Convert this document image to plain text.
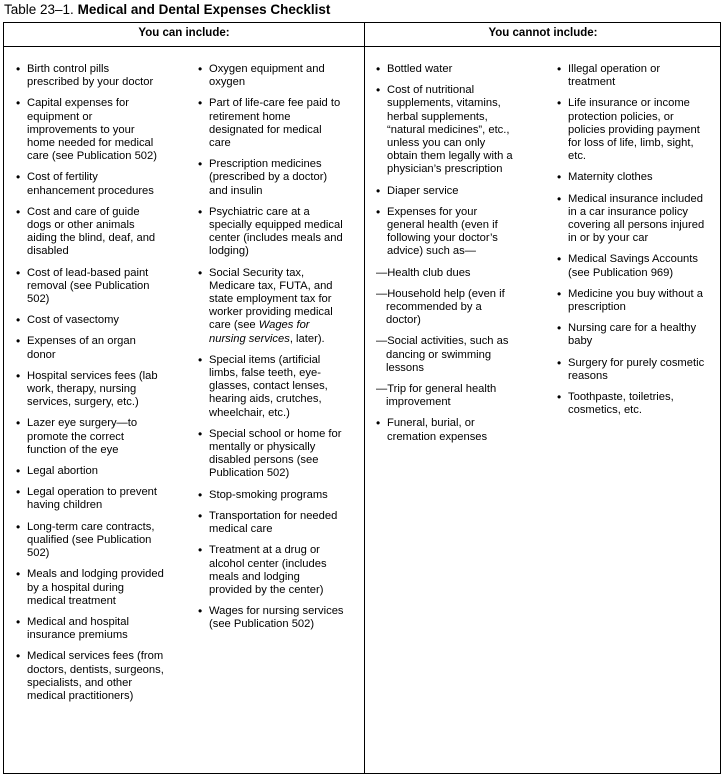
Table 23–1. Medical and Dental Expenses Checklist
You can include:	You cannot include:
• Birth control pills prescribed by your doctor
• Capital expenses for equipment or improvements to your home needed for medical care (see Publication 502)
• Cost of fertility enhancement procedures
• Cost and care of guide dogs or other animals aiding the blind, deaf, and disabled
• Cost of lead-based paint removal (see Publication 502)
• Cost of vasectomy
• Expenses of an organ donor
• Hospital services fees (lab work, therapy, nursing services, surgery, etc.)
• Lazer eye surgery—to promote the correct function of the eye
• Legal abortion
• Legal operation to prevent having children
• Long-term care contracts, qualified (see Publication 502)
• Meals and lodging provided by a hospital during medical treatment
• Medical and hospital insurance premiums
• Medical services fees (from doctors, dentists, surgeons, specialists, and other medical practitioners)
• Oxygen equipment and oxygen
• Part of life-care fee paid to retirement home designated for medical care
• Prescription medicines (prescribed by a doctor) and insulin
• Psychiatric care at a specially equipped medical center (includes meals and lodging)
• Social Security tax, Medicare tax, FUTA, and state employment tax for worker providing medical care (see Wages for nursing services, later).
• Special items (artificial limbs, false teeth, eye-glasses, contact lenses, hearing aids, crutches, wheelchair, etc.)
• Special school or home for mentally or physically disabled persons (see Publication 502)
• Stop-smoking programs
• Transportation for needed medical care
• Treatment at a drug or alcohol center (includes meals and lodging provided by the center)
• Wages for nursing services (see Publication 502)
• Bottled water
• Cost of nutritional supplements, vitamins, herbal supplements, “natural medicines”, etc., unless you can only obtain them legally with a physician’s prescription
• Diaper service
• Expenses for your general health (even if following your doctor’s advice) such as—
—Health club dues
—Household help (even if recommended by a doctor)
—Social activities, such as dancing or swimming lessons
—Trip for general health improvement
• Funeral, burial, or cremation expenses
• Illegal operation or treatment
• Life insurance or income protection policies, or policies providing payment for loss of life, limb, sight, etc.
• Maternity clothes
• Medical insurance included in a car insurance policy covering all persons injured in or by your car
• Medical Savings Accounts (see Publication 969)
• Medicine you buy without a prescription
• Nursing care for a healthy baby
• Surgery for purely cosmetic reasons
• Toothpaste, toiletries, cosmetics, etc.
